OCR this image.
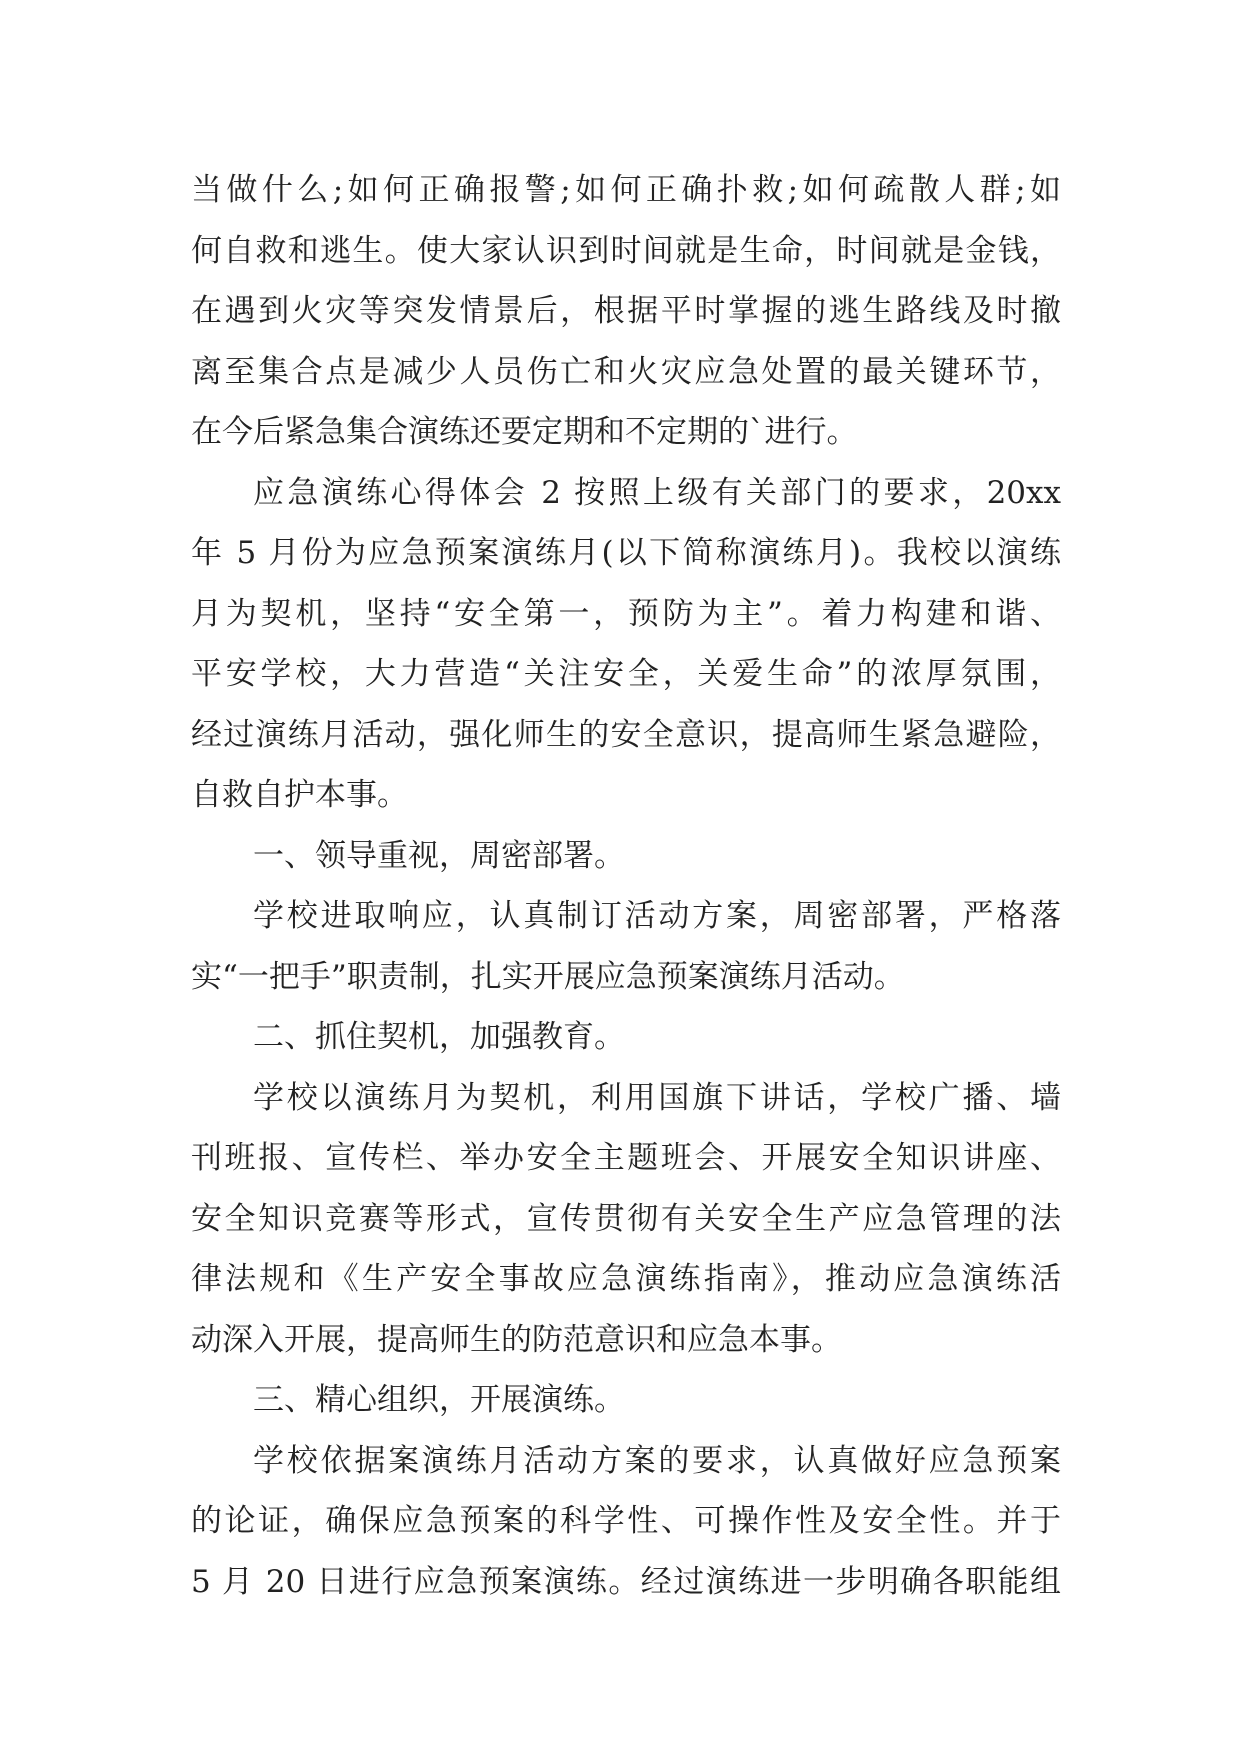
当做什么;如何正确报警;如何正确扑救;如何疏散人群;如
何自救和逃生。使大家认识到时间就是生命，时间就是金钱，
在遇到火灾等突发情景后，根据平时掌握的逃生路线及时撤
离至集合点是减少人员伤亡和火灾应急处置的最关键环节，
在今后紧急集合演练还要定期和不定期的`进行。
应急演练心得体会 2 按照上级有关部门的要求，20xx
年 5 月份为应急预案演练月(以下简称演练月)。我校以演练
月为契机，坚持“安全第一，预防为主”。着力构建和谐、
平安学校，大力营造“关注安全，关爱生命”的浓厚氛围，
经过演练月活动，强化师生的安全意识，提高师生紧急避险，
自救自护本事。
一、领导重视，周密部署。
学校进取响应，认真制订活动方案，周密部署，严格落
实“一把手”职责制，扎实开展应急预案演练月活动。
二、抓住契机，加强教育。
学校以演练月为契机，利用国旗下讲话，学校广播、墙
刊班报、宣传栏、举办安全主题班会、开展安全知识讲座、
安全知识竞赛等形式，宣传贯彻有关安全生产应急管理的法
律法规和《生产安全事故应急演练指南》，推动应急演练活
动深入开展，提高师生的防范意识和应急本事。
三、精心组织，开展演练。
学校依据案演练月活动方案的要求，认真做好应急预案
的论证，确保应急预案的科学性、可操作性及安全性。并于
5 月 20 日进行应急预案演练。经过演练进一步明确各职能组
